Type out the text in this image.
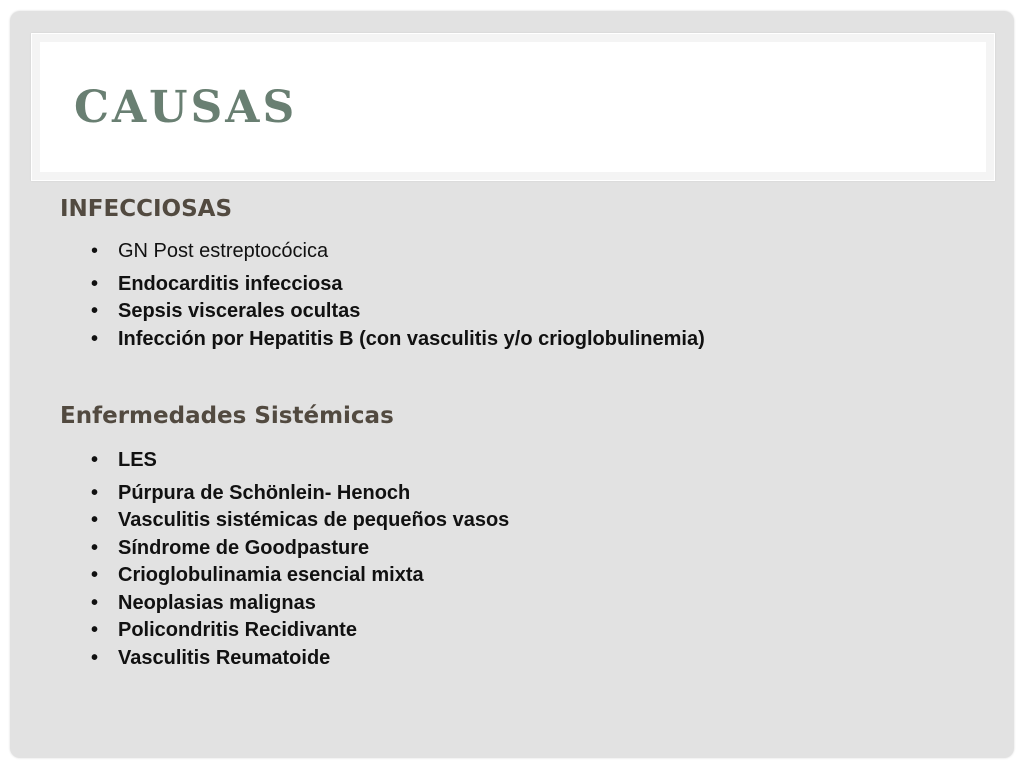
CAUSAS
INFECCIOSAS
• GN Post estreptocócica
• Endocarditis infecciosa
• Sepsis viscerales ocultas
• Infección por Hepatitis B (con vasculitis y/o crioglobulinemia)
Enfermedades Sistémicas
• LES
• Púrpura de Schönlein- Henoch
• Vasculitis sistémicas de pequeños vasos
• Síndrome de Goodpasture
• Crioglobulinamia esencial mixta
• Neoplasias malignas
• Policondritis Recidivante
• Vasculitis Reumatoide
